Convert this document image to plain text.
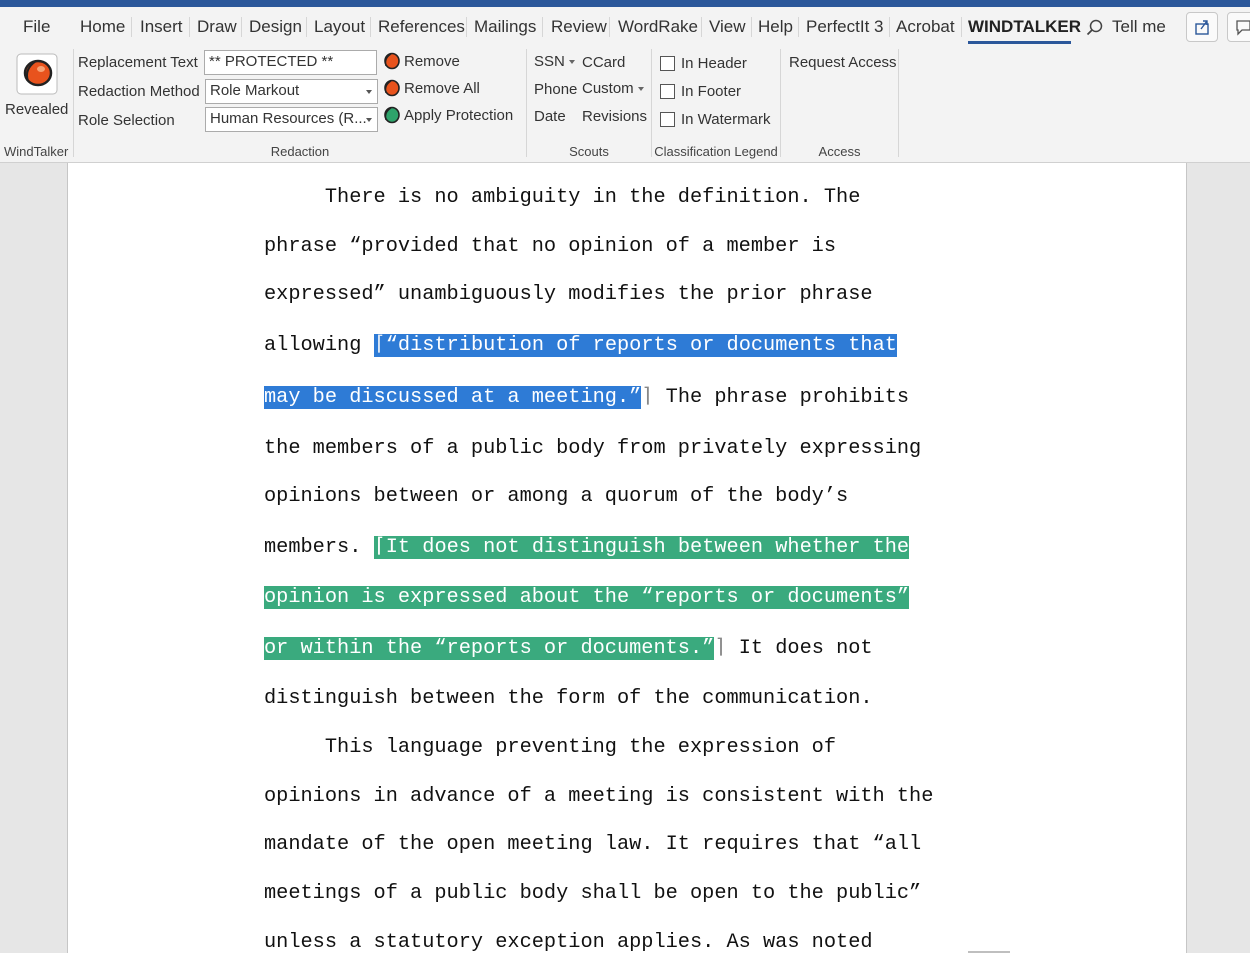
File Home Insert Draw Design Layout References Mailings Review WordRake View Help PerfectIt 3 Acrobat WINDTALKER Tell me
Revealed
WindTalker
Replacement Text ** PROTECTED **
Redaction Method Role Markout
Role Selection	Human Resources (R...
Remove
Remove All
Apply Protection
Redaction
SSN	CCard
Phone Custom
Date Revisions
Scouts
In Header
In Footer
In Watermark
Classification Legend
Request Access
Access
There is no ambiguity in the definition. The
phrase “provided that no opinion of a member is
expressed” unambiguously modifies the prior phrase
allowing ⌈“distribution of reports or documents that
may be discussed at a meeting.”⌉ The phrase prohibits
the members of a public body from privately expressing
opinions between or among a quorum of the body’s
members. ⌈It does not distinguish between whether the
opinion is expressed about the “reports or documents”
or within the “reports or documents.”⌉ It does not
distinguish between the form of the communication.
This language preventing the expression of
opinions in advance of a meeting is consistent with the
mandate of the open meeting law. It requires that “all
meetings of a public body shall be open to the public”
unless a statutory exception applies. As was noted
